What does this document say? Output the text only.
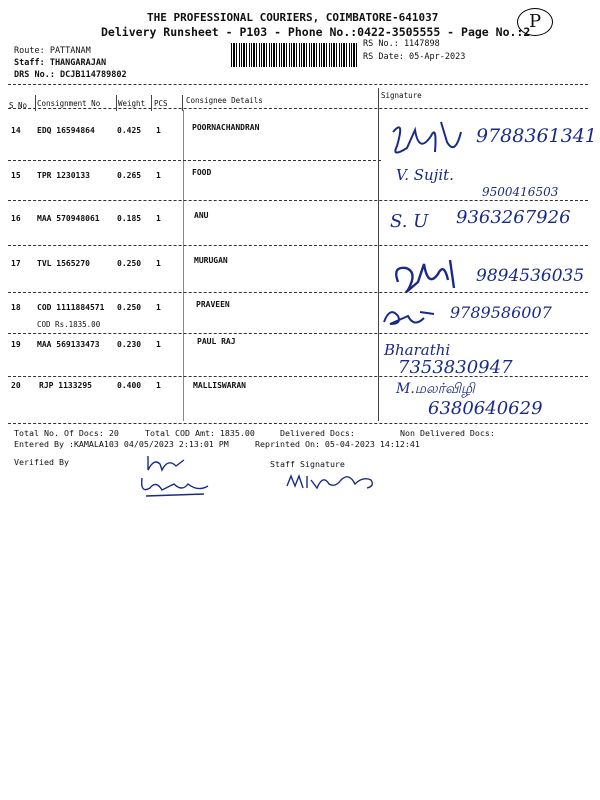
THE PROFESSIONAL COURIERS, COIMBATORE-641037
Delivery Runsheet - P103 - Phone No.:0422-3505555 - Page No.:2
P
Route: PATTANAM
Staff: THANGARAJAN
DRS No.: DCJB114789802
RS No.: 1147898
RS Date: 05-Apr-2023
S No Consignment No Weight PCS Consignee Details
Signature
14 EDQ 16594864	0.425 1	POORNACHANDRAN	9788361341
15 TPR 1230133	0.265 1	FOOD	V. Sujit.
9500416503
16 MAA 570948061 0.185 1	ANU	S. U 9363267926
17 TVL 1565270	0.250 1	MURUGAN
9894536035
18 COD 1111884571 0.250 1	PRAVEEN
COD Rs.1835.00
9789586007
19 MAA 569133473 0.230 1	PAUL RAJ	Bharathi
7353830947
20 RJP 1133295	0.400 1	MALLISWARAN	M.மலர்விழி
6380640629
Total No. Of Docs: 20	Total COD Amt: 1835.00	Delivered Docs:	Non Delivered Docs:
Entered By :KAMALA103 04/05/2023 2:13:01 PM	Reprinted On: 05-04-2023 14:12:41
Verified By	Staff Signature
